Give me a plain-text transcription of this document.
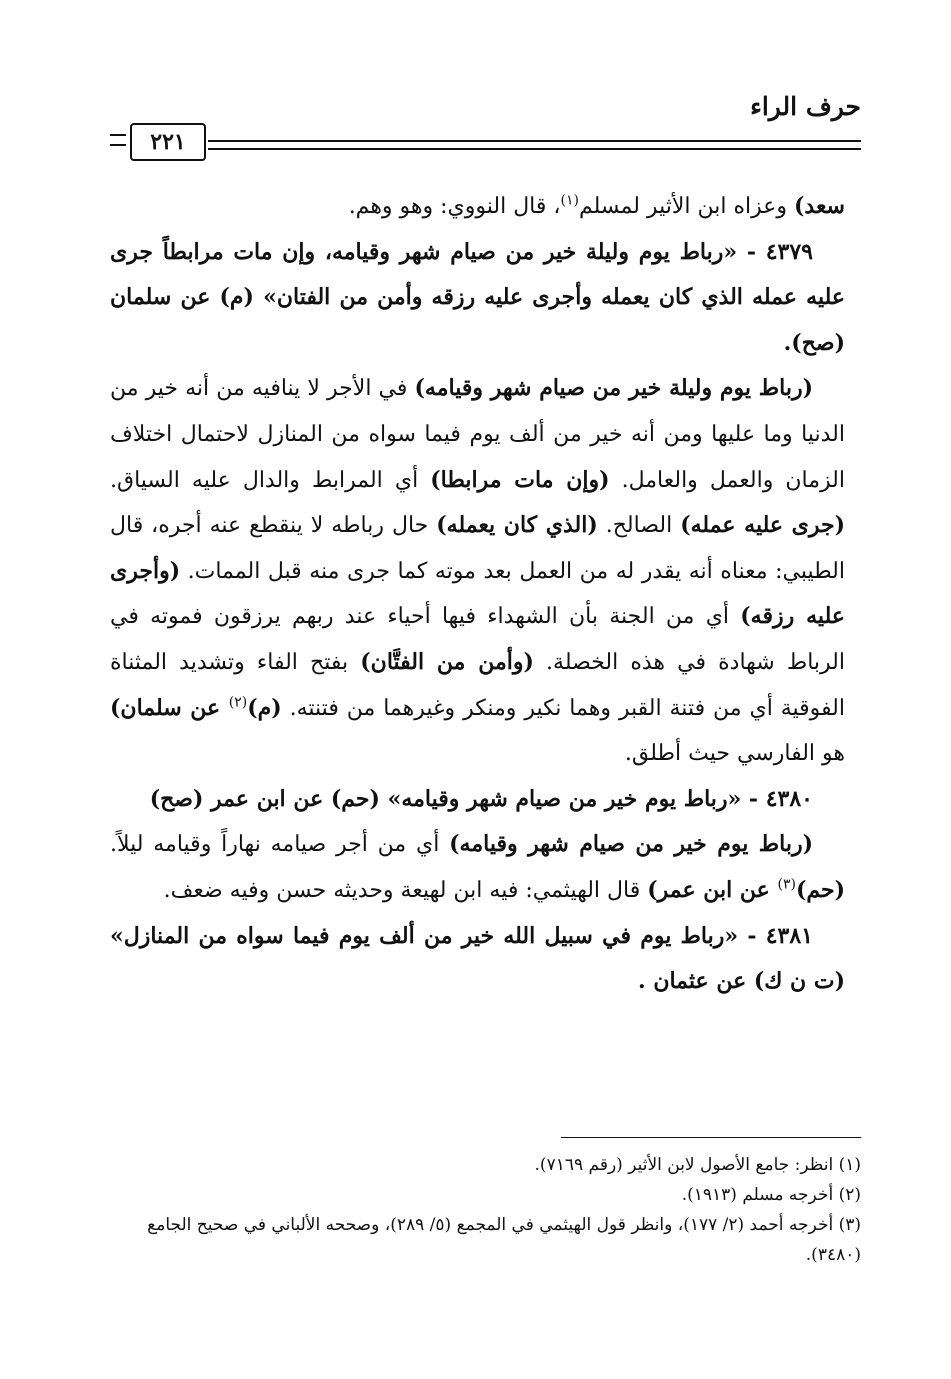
حرف الراء
٢٢١

سعد) وعزاه ابن الأثير لمسلم$^{(١)}$، قال النووي: وهو وهم.

٤٣٧٩ - «رباط يوم وليلة خير من صيام شهر وقيامه، وإن مات مرابطاً جرى عليه عمله الذي كان يعمله وأجرى عليه رزقه وأمن من الفتان» (م) عن سلمان (صح).

(رباط يوم وليلة خير من صيام شهر وقيامه) في الأجر لا ينافيه من أنه خير من الدنيا وما عليها ومن أنه خير من ألف يوم فيما سواه من المنازل لاحتمال اختلاف الزمان والعمل والعامل. (وإن مات مرابطا) أي المرابط والدال عليه السياق. (جرى عليه عمله) الصالح. (الذي كان يعمله) حال رباطه لا ينقطع عنه أجره، قال الطيبي: معناه أنه يقدر له من العمل بعد موته كما جرى منه قبل الممات. (وأجرى عليه رزقه) أي من الجنة بأن الشهداء فيها أحياء عند ربهم يرزقون فموته في الرباط شهادة في هذه الخصلة. (وأمن من الفتَّان) بفتح الفاء وتشديد المثناة الفوقية أي من فتنة القبر وهما نكير ومنكر وغيرهما من فتنته. (م)$^{(٢)}$ عن سلمان) هو الفارسي حيث أطلق.

٤٣٨٠ - «رباط يوم خير من صيام شهر وقيامه» (حم) عن ابن عمر (صح)

(رباط يوم خير من صيام شهر وقيامه) أي من أجر صيامه نهاراً وقيامه ليلاً. (حم)$^{(٣)}$ عن ابن عمر) قال الهيثمي: فيه ابن لهيعة وحديثه حسن وفيه ضعف.

٤٣٨١ - «رباط يوم في سبيل الله خير من ألف يوم فيما سواه من المنازل» (ت ن ك) عن عثمان .

(١) انظر: جامع الأصول لابن الأثير (رقم ٧١٦٩).

(٢) أخرجه مسلم (١٩١٣).

(٣) أخرجه أحمد (٢/ ١٧٧)، وانظر قول الهيثمي في المجمع (٥/ ٢٨٩)، وصححه الألباني في صحيح الجامع (٣٤٨٠).
